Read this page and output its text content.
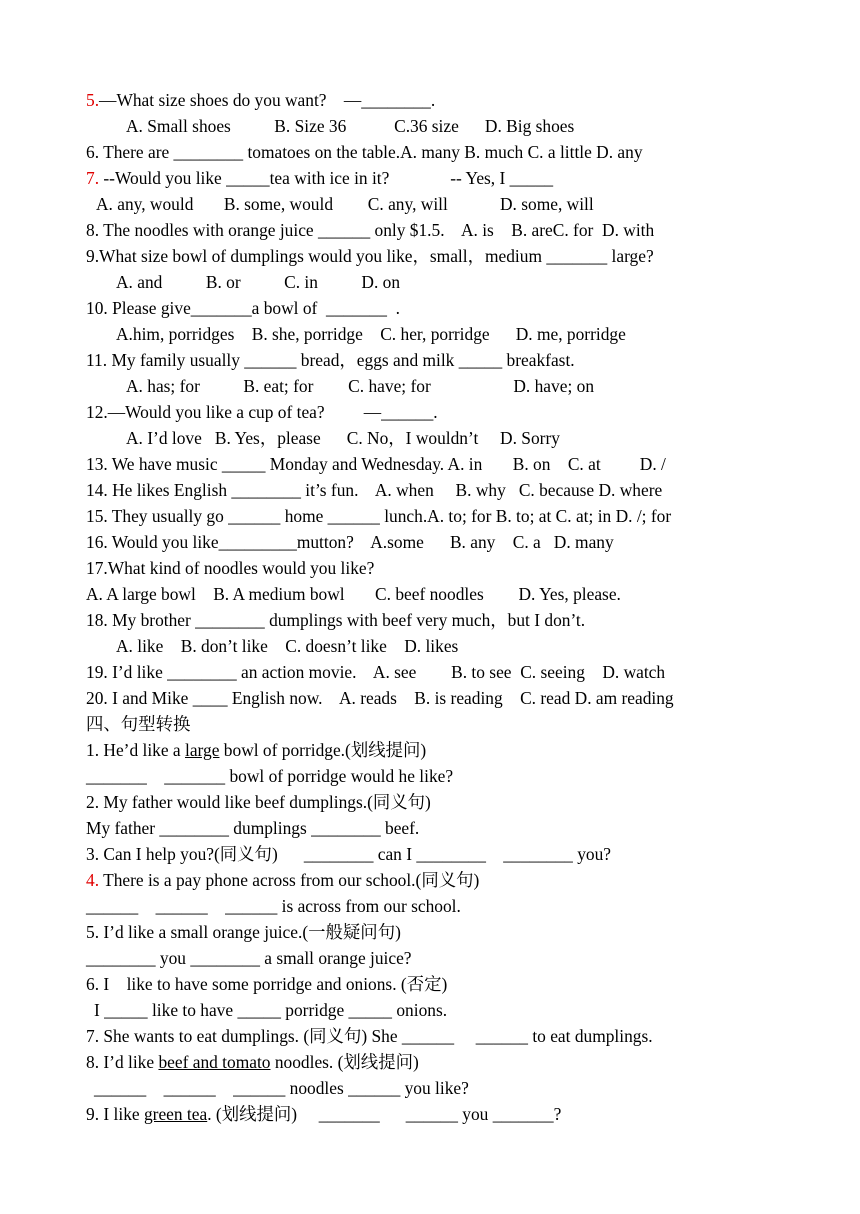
5.—What size shoes do you want?    —________.
A. Small shoes          B. Size 36           C.36 size      D. Big shoes
6. There are ________ tomatoes on the table.A. many B. much C. a little D. any
7. --Would you like _____tea with ice in it?              -- Yes, I _____
A. any, would       B. some, would        C. any, will            D. some, will
8. The noodles with orange juice ______ only $1.5.    A. is    B. areC. for  D. with
9.What size bowl of dumplings would you like，small，medium _______ large?
A. and          B. or          C. in          D. on
10. Please give_______a bowl of  _______  .
A.him, porridges    B. she, porridge    C. her, porridge      D. me, porridge
11. My family usually ______ bread，eggs and milk _____ breakfast.
A. has; for          B. eat; for        C. have; for                   D. have; on
12.—Would you like a cup of tea?         —______.
A. I’d love   B. Yes，please      C. No，I wouldn’t     D. Sorry
13. We have music _____ Monday and Wednesday. A. in       B. on    C. at         D. /
14. He likes English ________ it’s fun.    A. when     B. why   C. because D. where
15. They usually go ______ home ______ lunch.A. to; for B. to; at C. at; in D. /; for
16. Would you like_________mutton?    A.some      B. any    C. a   D. many
17.What kind of noodles would you like?
A. A large bowl    B. A medium bowl       C. beef noodles        D. Yes, please.
18. My brother ________ dumplings with beef very much，but I don’t.
A. like    B. don’t like    C. doesn’t like    D. likes
19. I’d like ________ an action movie.    A. see        B. to see  C. seeing    D. watch
20. I and Mike ____ English now.    A. reads    B. is reading    C. read D. am reading
四、句型转换
1. He’d like a large bowl of porridge.(划线提问)
_______    _______ bowl of porridge would he like?
2. My father would like beef dumplings.(同义句)
My father ________ dumplings ________ beef.
3. Can I help you?(同义句)      ________ can I ________    ________ you?
4. There is a pay phone across from our school.(同义句)
______    ______    ______ is across from our school.
5. I’d like a small orange juice.(一般疑问句)
________ you ________ a small orange juice?
6. I    like to have some porridge and onions. (否定)
I _____ like to have _____ porridge _____ onions.
7. She wants to eat dumplings. (同义句) She ______     ______ to eat dumplings.
8. I’d like beef and tomato noodles. (划线提问)
______    ______    ______ noodles ______ you like?
9. I like green tea. (划线提问)     _______      ______ you _______?
